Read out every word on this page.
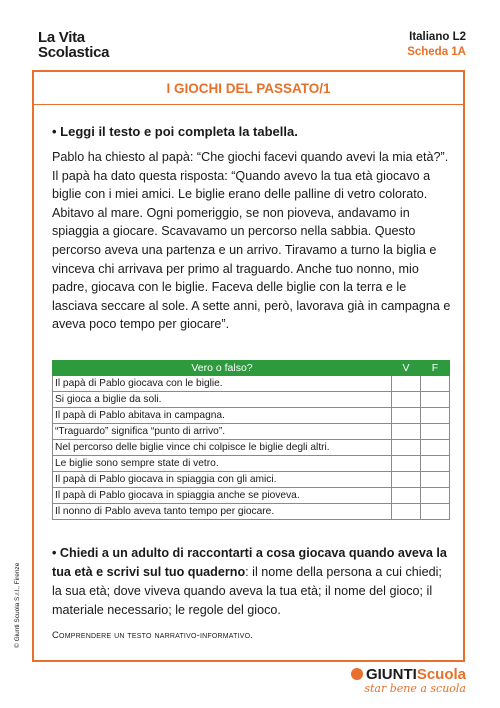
La Vita
Scolastica
Italiano L2
Scheda 1A
I GIOCHI DEL PASSATO/1
• Leggi il testo e poi completa la tabella.
Pablo ha chiesto al papà: “Che giochi facevi quando avevi la mia età?”. Il papà ha dato questa risposta: “Quando avevo la tua età giocavo a biglie con i miei amici. Le biglie erano delle palline di vetro colorato. Abitavo al mare. Ogni pomeriggio, se non pioveva, andavamo in spiaggia a giocare. Scavavamo un percorso nella sabbia. Questo percorso aveva una partenza e un arrivo. Tiravamo a turno la biglia e vinceva chi arrivava per primo al traguardo. Anche tuo nonno, mio padre, giocava con le biglie. Faceva delle biglie con la terra e le lasciava seccare al sole. A sette anni, però, lavorava già in campagna e aveva poco tempo per giocare”.
Vero o falso?	V	F
Il papà di Pablo giocava con le biglie.		
Si gioca a biglie da soli.		
Il papà di Pablo abitava in campagna.		
“Traguardo” significa “punto di arrivo”.		
Nel percorso delle biglie vince chi colpisce le biglie degli altri.		
Le biglie sono sempre state di vetro.		
Il papà di Pablo giocava in spiaggia con gli amici.		
Il papà di Pablo giocava in spiaggia anche se pioveva.		
Il nonno di Pablo aveva tanto tempo per giocare.		
• Chiedi a un adulto di raccontarti a cosa giocava quando aveva la tua età e scrivi sul tuo quaderno: il nome della persona a cui chiedi; la sua età; dove viveva quando aveva la tua età; il nome del gioco; il materiale necessario; le regole del gioco.
Comprendere un testo narrativo-informativo.
© Giunti Scuola S.r.l., Firenze
GIUNTIScuola
star bene a scuola
